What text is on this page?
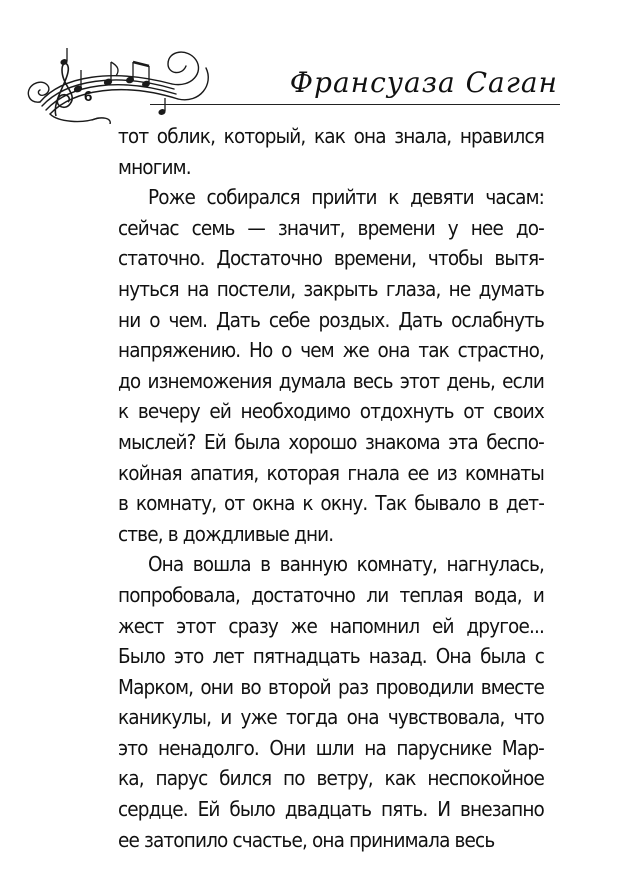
6	Франсуаза Саган
тот облик, который, как она знала, нравился
многим.
Роже собирался прийти к девяти часам:
сейчас семь — значит, времени у нее до-
статочно. Достаточно времени, чтобы вытя-
нуться на постели, закрыть глаза, не думать
ни о чем. Дать себе роздых. Дать ослабнуть
напряжению. Но о чем же она так страстно,
до изнеможения думала весь этот день, если
к вечеру ей необходимо отдохнуть от своих
мыслей? Ей была хорошо знакома эта беспо-
койная апатия, которая гнала ее из комнаты
в комнату, от окна к окну. Так бывало в дет-
стве, в дождливые дни.
Она вошла в ванную комнату, нагнулась,
попробовала, достаточно ли теплая вода, и
жест этот сразу же напомнил ей другое...
Было это лет пятнадцать назад. Она была с
Марком, они во второй раз проводили вместе
каникулы, и уже тогда она чувствовала, что
это ненадолго. Они шли на паруснике Мар-
ка, парус бился по ветру, как неспокойное
сердце. Ей было двадцать пять. И внезапно
ее затопило счастье, она принимала весь
